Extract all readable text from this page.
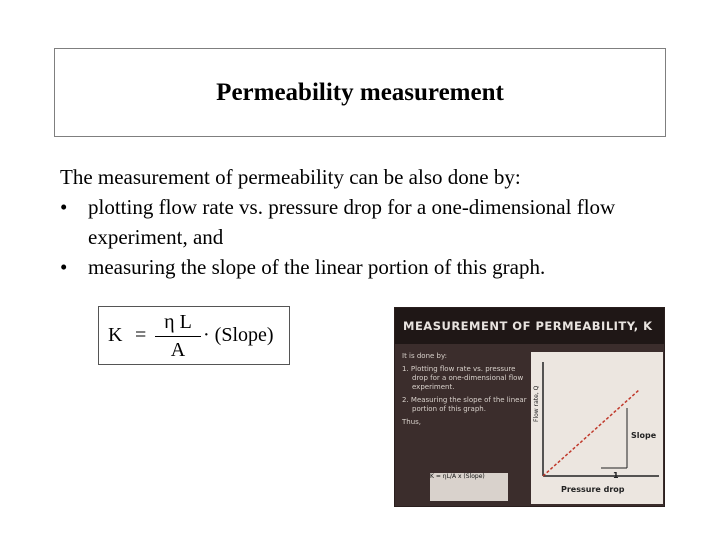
Permeability measurement
The measurement of permeability can be also done by:
• plotting flow rate vs. pressure drop for a one-dimensional flow experiment, and
• measuring the slope of the linear portion of this graph.
K =
η L
A
· (Slope)	MEASUREMENT OF PERMEABILITY, K

It is done by:

1. Plotting flow rate vs. pressure drop for a one-dimensional flow experiment.

2. Measuring the slope of the linear portion of this graph.

Thus,	Flow rate, Q
Pressure drop
Slope
1
K = ηL/A x (Slope)
